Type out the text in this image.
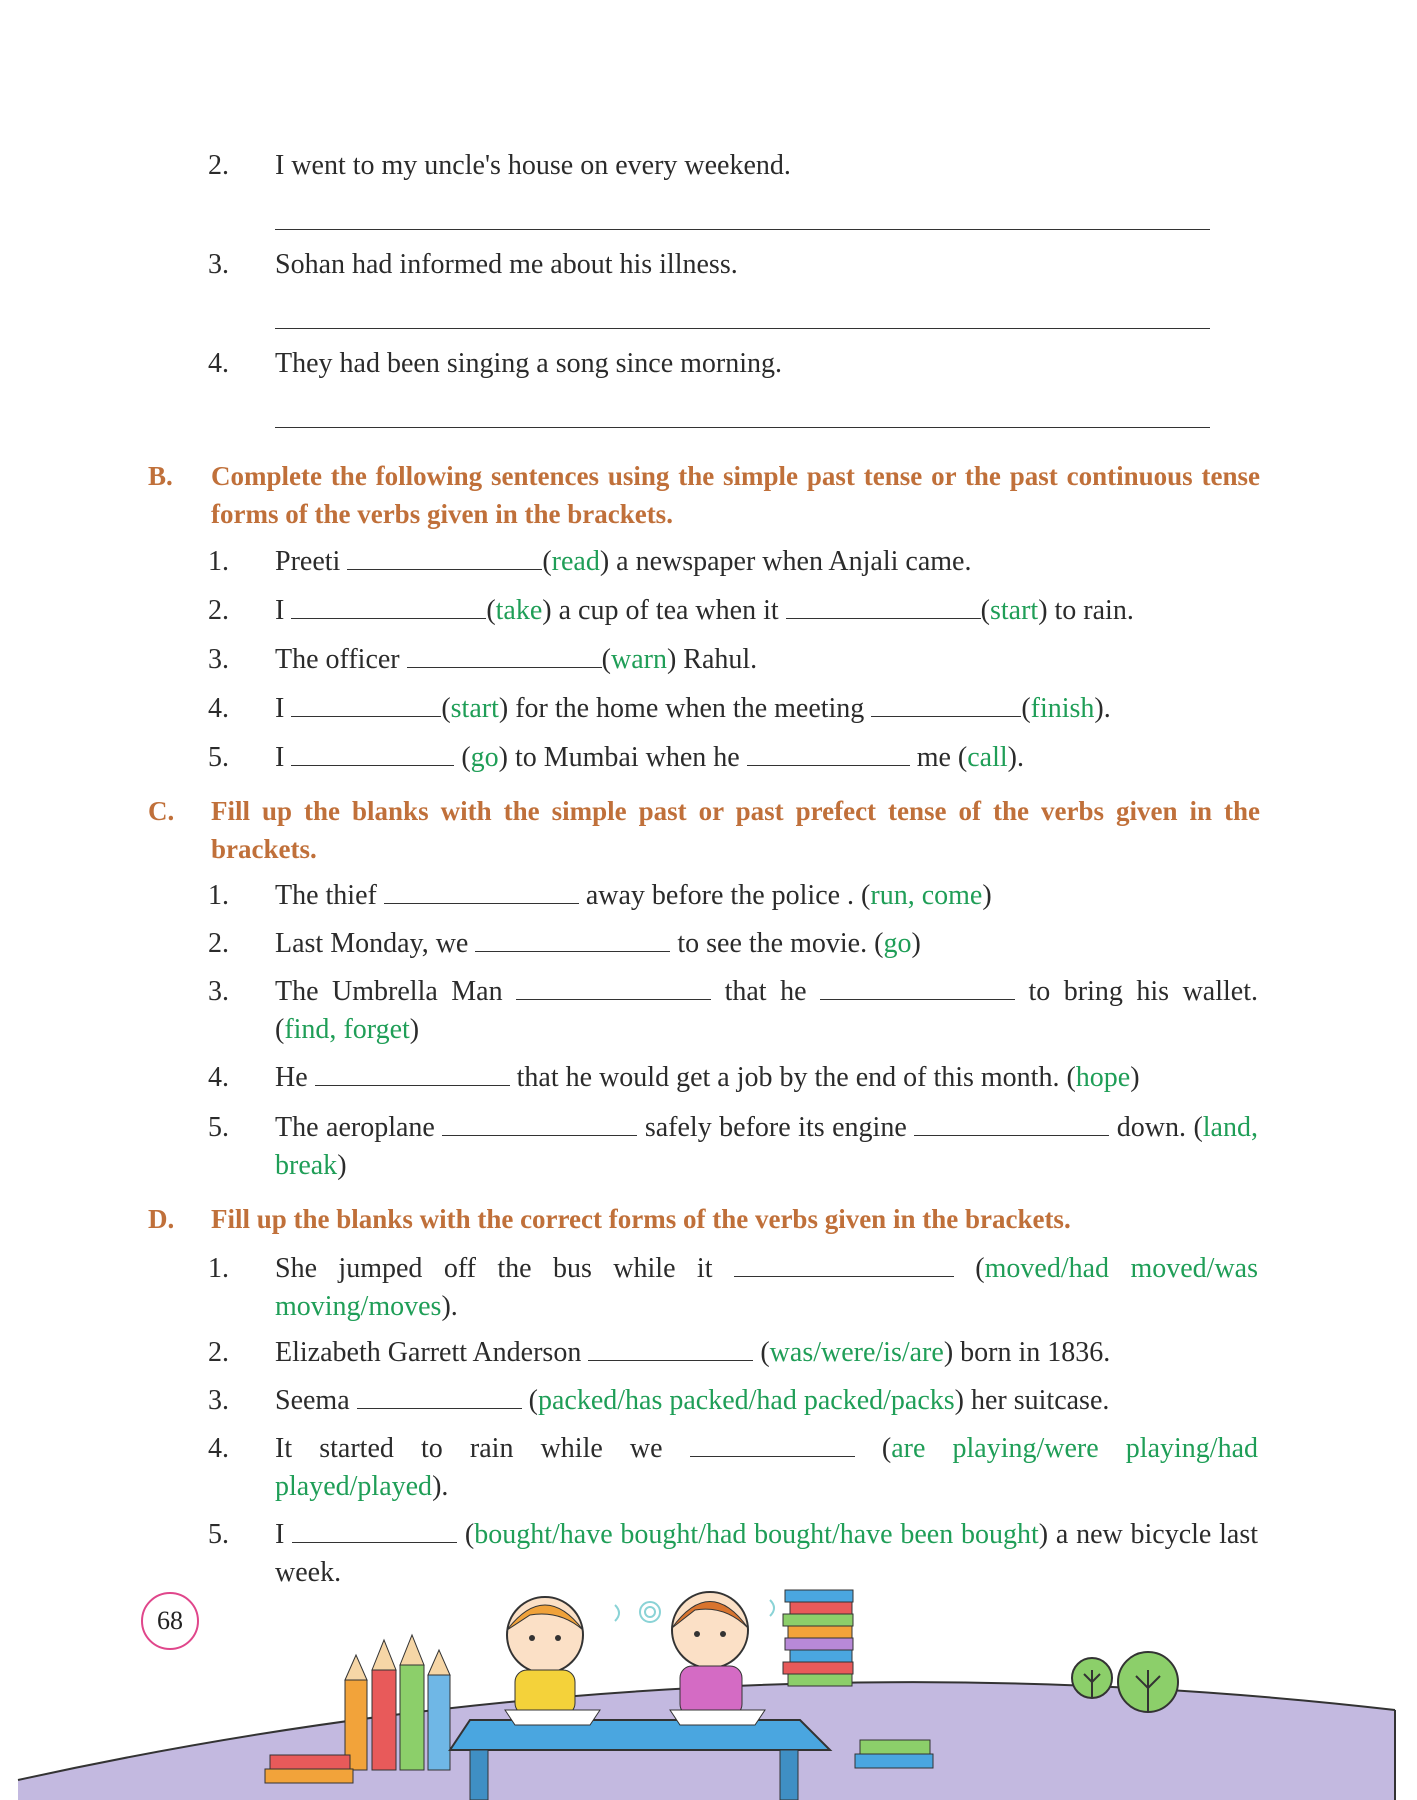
2. I went to my uncle's house on every weekend.
3. Sohan had informed me about his illness.
4. They had been singing a song since morning.
B. Complete the following sentences using the simple past tense or the past continuous tense forms of the verbs given in the brackets.
1. Preeti	(read) a newspaper when Anjali came.
2. I	(take) a cup of tea when it	(start) to rain.
3. The officer	(warn) Rahul.
4. I	(start) for the home when the meeting	(finish).
5. I	(go) to Mumbai when he	me (call).
C. Fill up the blanks with the simple past or past prefect tense of the verbs given in the brackets.
1. The thief	away before the police . (run, come)
2. Last Monday, we	to see the movie. (go)
3. The Umbrella Man	that he	to bring his wallet. (find, forget)
4. He	that he would get a job by the end of this month. (hope)
5. The aeroplane	safely before its engine	down. (land, break)
D. Fill up the blanks with the correct forms of the verbs given in the brackets.
1. She jumped off the bus while it	(moved/had moved/was moving/moves).
2. Elizabeth Garrett Anderson	(was/were/is/are) born in 1836.
3. Seema	(packed/has packed/had packed/packs) her suitcase.
4. It started to rain while we	(are playing/were playing/had played/played).
5. I	(bought/have bought/had bought/have been bought) a new bicycle last week.
68
